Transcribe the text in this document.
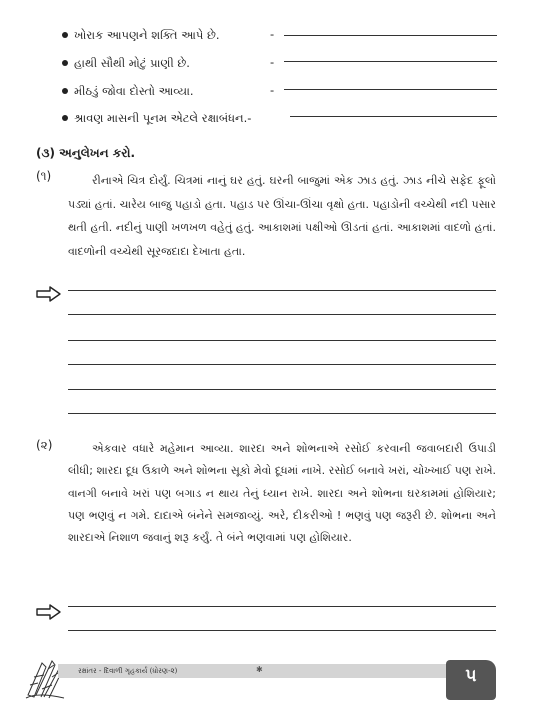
ખોરાક આપણને શક્તિ આપે છે.	-
હાથી સૌથી મોટું પ્રાણી છે.	-
મીઠડું જોવા દોસ્તો આવ્યા.	-
શ્રાવણ માસની પૂનમ એટલે રક્ષાબંધન.-
(૩) અનુલેખન કરો.
(૧)	રીનાએ ચિત્ર દોર્યું. ચિત્રમાં નાનું ઘર હતું. ઘરની બાજુમાં એક ઝાડ હતું. ઝાડ નીચે સફેદ ફૂલો પડ્યાં હતાં. ચારેય બાજુ પહાડો હતા. પહાડ પર ઊંચા-ઊંચા વૃક્ષો હતા. પહાડોની વચ્ચેથી નદી પસાર થતી હતી. નદીનું પાણી ખળખળ વહેતું હતું. આકાશમાં પક્ષીઓ ઊડતાં હતાં. આકાશમાં વાદળો હતાં. વાદળોની વચ્ચેથી સૂરજદાદા દેખાતા હતા.
(૨)	એકવાર વધારે મહેમાન આવ્યા. શારદા અને શોભનાએ રસોઈ કરવાની જવાબદારી ઉપાડી લીધી; શારદા દૂધ ઉકાળે અને શોભના સૂકો મેવો દૂધમાં નાખે. રસોઈ બનાવે ખરાં, ચોખ્ખાઈ પણ રાખે. વાનગી બનાવે ખરાં પણ બગાડ ન થાય તેનું ધ્યાન રાખે. શારદા અને શોભના ઘરકામમાં હોશિયાર; પણ ભણવું ન ગમે. દાદાએ બંનેને સમજાવ્યું. અરે, દીકરીઓ ! ભણવું પણ જરૂરી છે. શોભના અને શારદાએ નિશાળ જવાનું શરૂ કર્યું. તે બંને ભણવામાં પણ હોશિયાર.
રક્ષાંતર - દિવાળી ગૃહકાર્ય (ધોરણ-૨)	✱	૫
